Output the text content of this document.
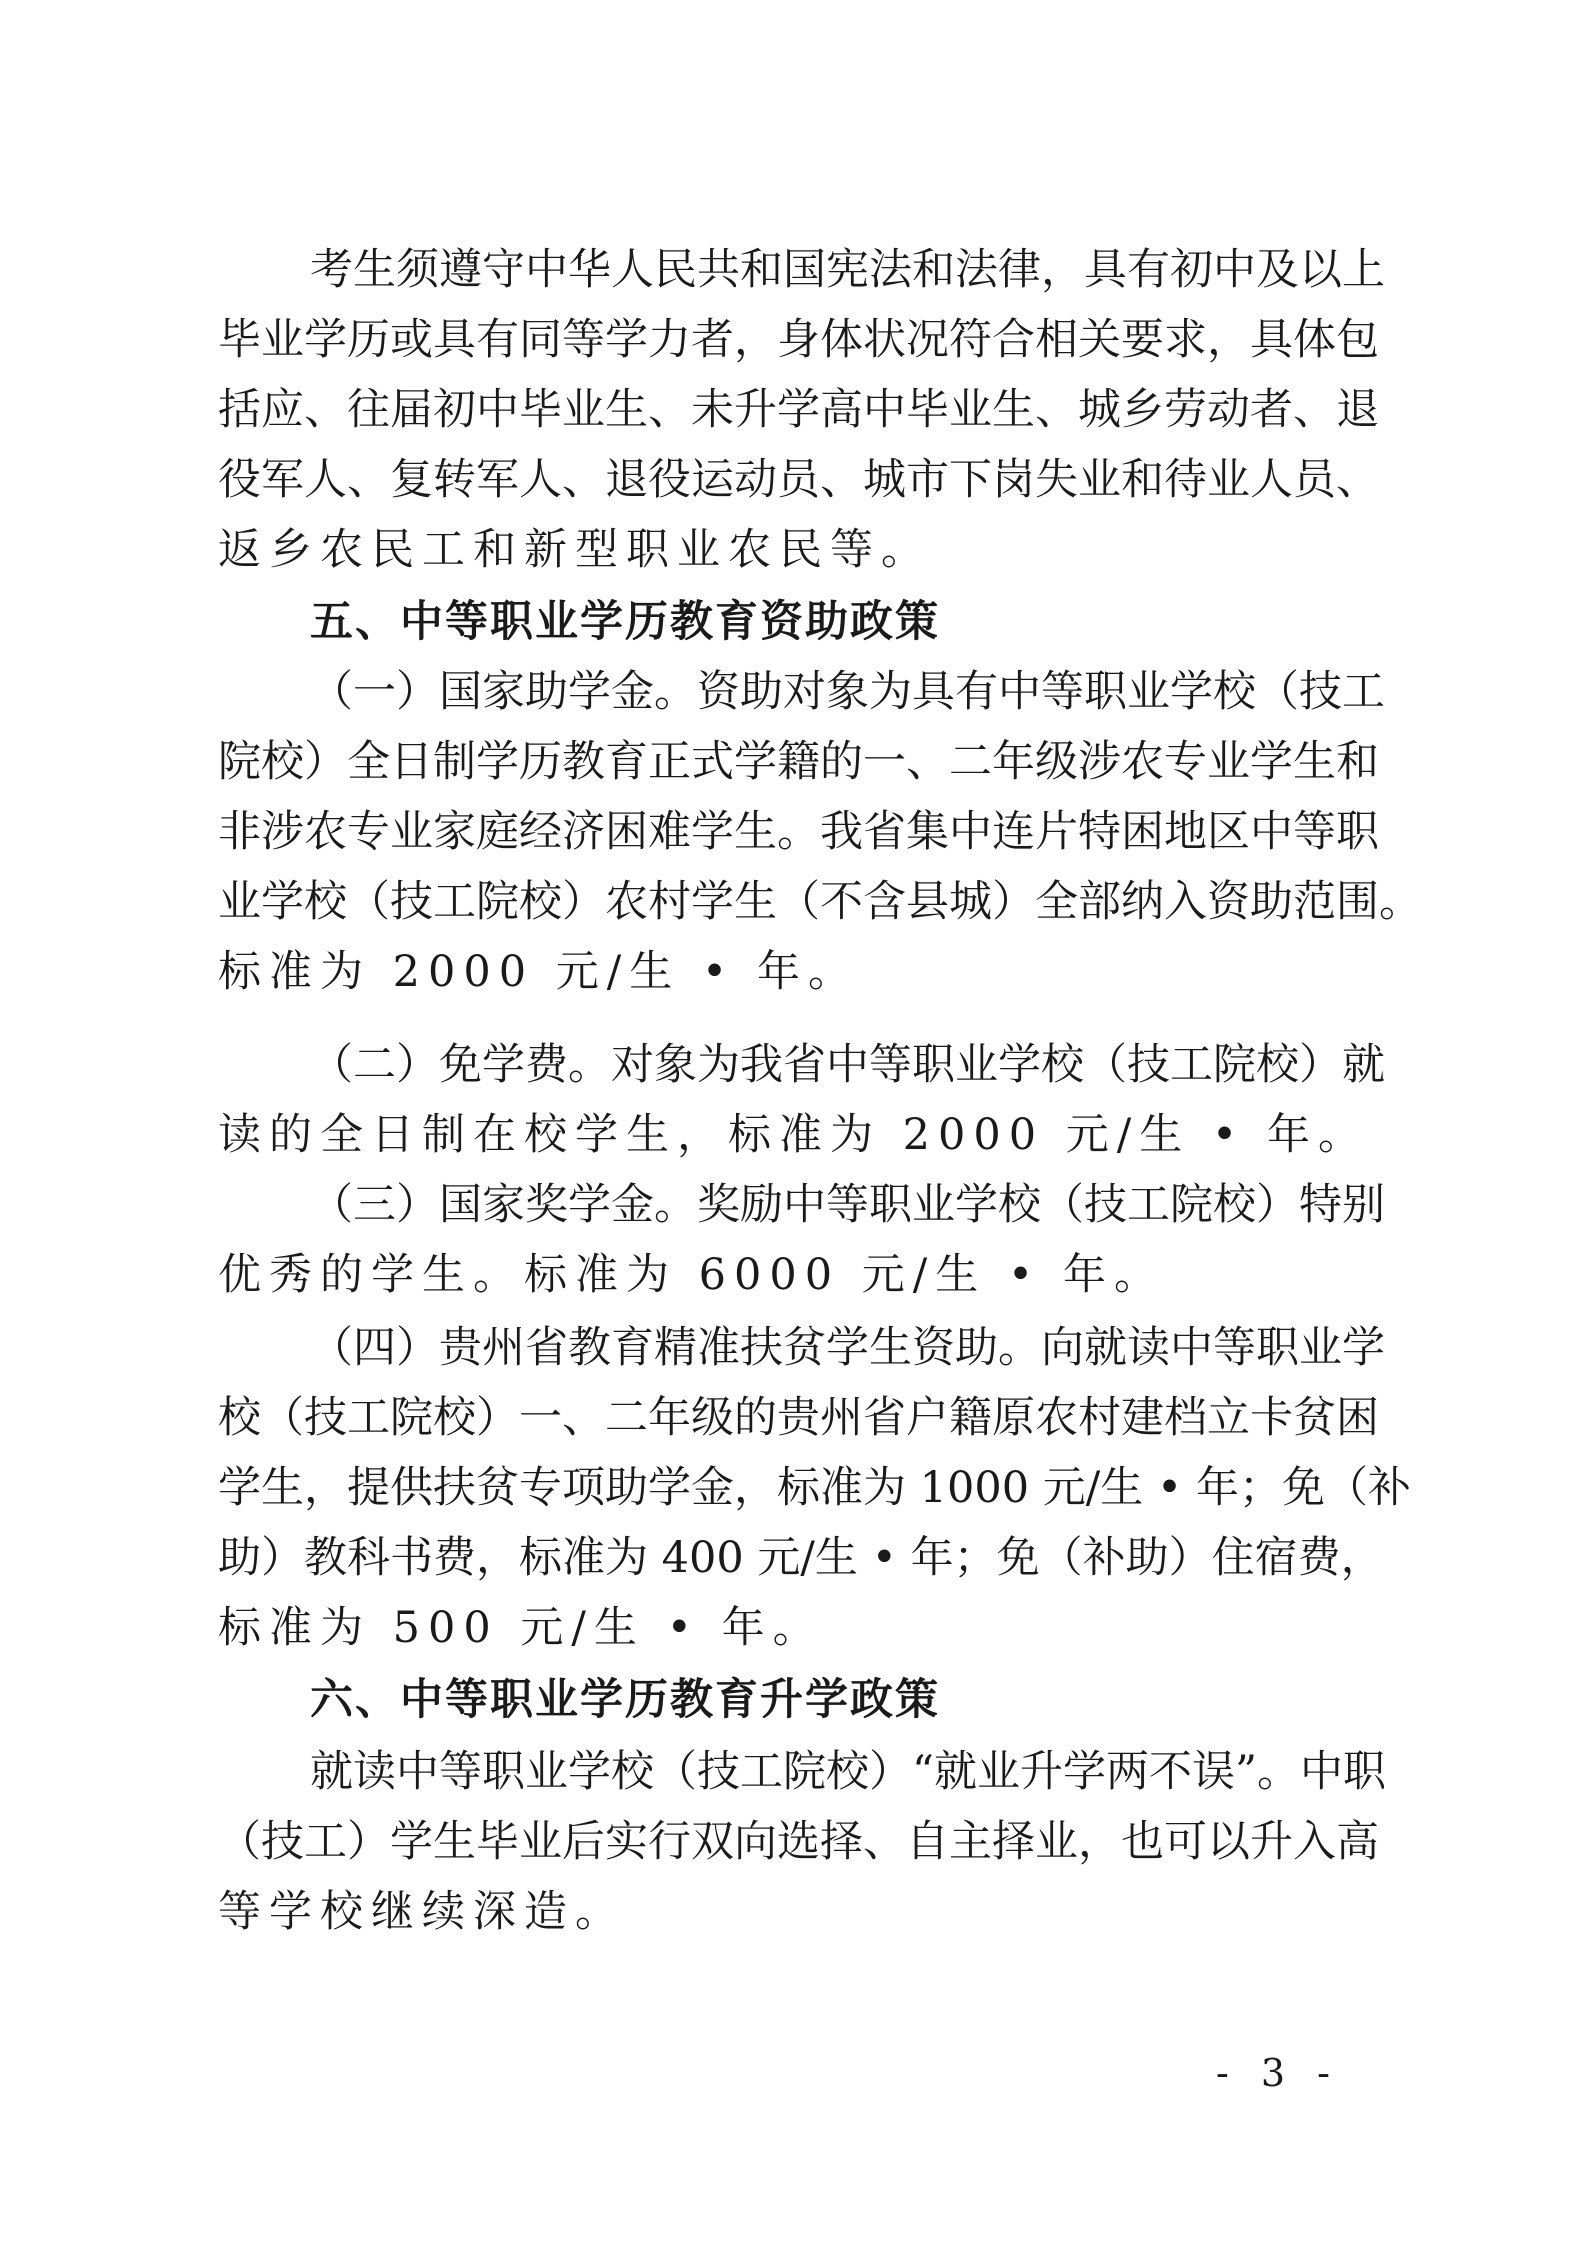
考生须遵守中华人民共和国宪法和法律，具有初中及以上
毕业学历或具有同等学力者，身体状况符合相关要求，具体包
括应、往届初中毕业生、未升学高中毕业生、城乡劳动者、退
役军人、复转军人、退役运动员、城市下岗失业和待业人员、
返乡农民工和新型职业农民等。
五、中等职业学历教育资助政策
（一）国家助学金。资助对象为具有中等职业学校（技工
院校）全日制学历教育正式学籍的一、二年级涉农专业学生和
非涉农专业家庭经济困难学生。我省集中连片特困地区中等职
业学校（技工院校）农村学生（不含县城）全部纳入资助范围。
标准为 2000 元/生 • 年。
（二）免学费。对象为我省中等职业学校（技工院校）就
读的全日制在校学生，标准为 2000 元/生 • 年。
（三）国家奖学金。奖励中等职业学校（技工院校）特别
优秀的学生。标准为 6000 元/生 • 年。
（四）贵州省教育精准扶贫学生资助。向就读中等职业学
校（技工院校）一、二年级的贵州省户籍原农村建档立卡贫困
学生，提供扶贫专项助学金，标准为 1000 元/生 • 年；免（补
助）教科书费，标准为 400 元/生 • 年；免（补助）住宿费，
标准为 500 元/生 • 年。
六、中等职业学历教育升学政策
就读中等职业学校（技工院校）“就业升学两不误”。中职
（技工）学生毕业后实行双向选择、自主择业，也可以升入高
等学校继续深造。
- 3 -
